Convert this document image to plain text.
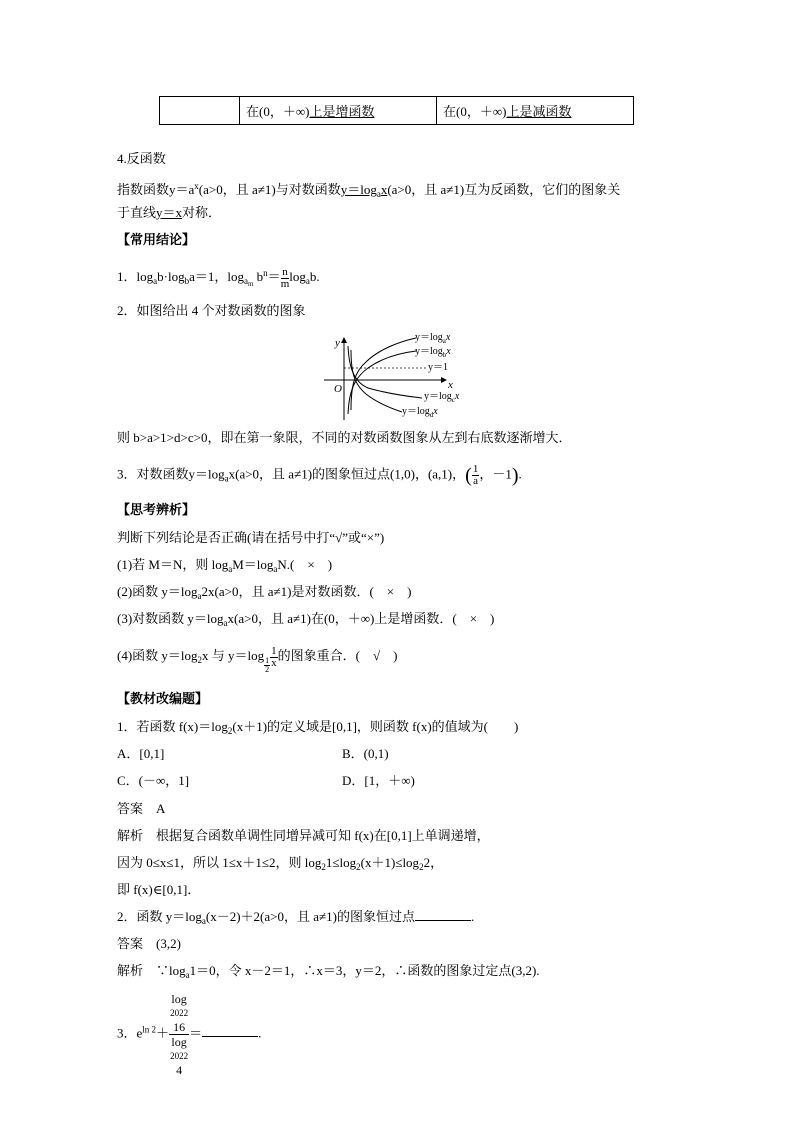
	在(0，＋∞)上是增函数	在(0，＋∞)上是减函数
4.反函数
指数函数$y=a^x(a>0$，且 a≠1)与对数函数$y=\log_ax(a>0$，且 a≠1)互为反函数，它们的图象关
于直线y＝x对称．
【常用结论】
1．$\log_ab\cdot\log_ba=1$，$\log_{a_m} b^n= \frac{n}{m} \log_ab$.
2．如图给出 4 个对数函数的图象
y
x
O
$y=\log_ax$
$y=\log_bx$
y＝1
$y=\log_cx$
$y=\log_dx$
则 b>a>1>d>c>0，即在第一象限，不同的对数函数图象从左到右底数逐渐增大．
3．对数函数$y=\log_ax(a>0$，且 a≠1)的图象恒过点(1,0)，(a,1)，( $\frac{1}{a}$ ，－1).
【思考辨析】
判断下列结论是否正确(请在括号中打“√”或“×”)
(1)若 M＝N，则 $\log_aM=\log_aN$.(　×　)
(2)函数 $y=\log_a2x(a>0$，且 a≠1)是对数函数．(　×　)
(3)对数函数 $y=\log_ax(a>0$，且 a≠1)在(0，＋∞)上是增函数．(　×　)
(4)函数 $y=\log_2x$ 与 y＝log
$\frac{1}{2} \frac{1}{x}$ 的图象重合．(　√　)
【教材改编题】
1．若函数 $f(x)=\log_2(x+1)$的定义域是[0,1]，则函数 f(x)的值域为(　　)
A．[0,1]	B．(0,1)
C．(－∞，1]	D．[1，＋∞)
答案　A
解析　根据复合函数单调性同增异减可知 f(x)在[0,1]上单调递增，
因为 0≤x≤1，所以 1≤x＋1≤2，则 $\log_21\le\log_2(x+1)\le\log_22$，
即 f(x)∈[0,1]．
2．函数 $y=\log_a(x-2)+2(a>0$，且 a≠1)的图象恒过点	.
答案　(3,2)
解析　$\because\log_a1=0$，令 x－2＝1，∴x＝3，y＝2，∴函数的图象过定点(3,2).
3．$e^{ln 2}+ \log$
2022
16
log
2022
4 ＝	.
